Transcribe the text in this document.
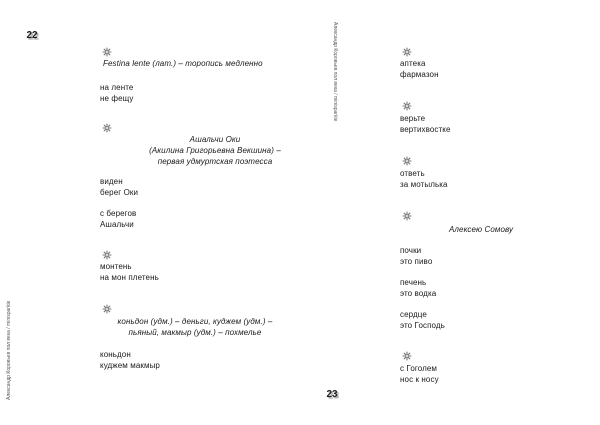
22
Александр Коровьев пол века / minisparkle
Festina lente (лат.) – торопись медленно
на ленте
не фещу
Ашальчи Оки
(Акилина Григорьевна Векшина) –
первая удмуртская поэтесса
виден
берег Оки
с берегов
Ашальчи
монтень
на мон плетень
коньдон (удм.) – деньги, куджем (удм.) –
пьяный, макмыр (удм.) – похмелье
коньдон
куджем макмыр
Александр Коровьев пол века / minisparkle
23
аптека
фармазон
верьте
вертихвостке
ответь
за мотылька
Алексею Сомову
почки
это пиво
печень
это водка
сердце
это Господь
с Гоголем
нос к носу
